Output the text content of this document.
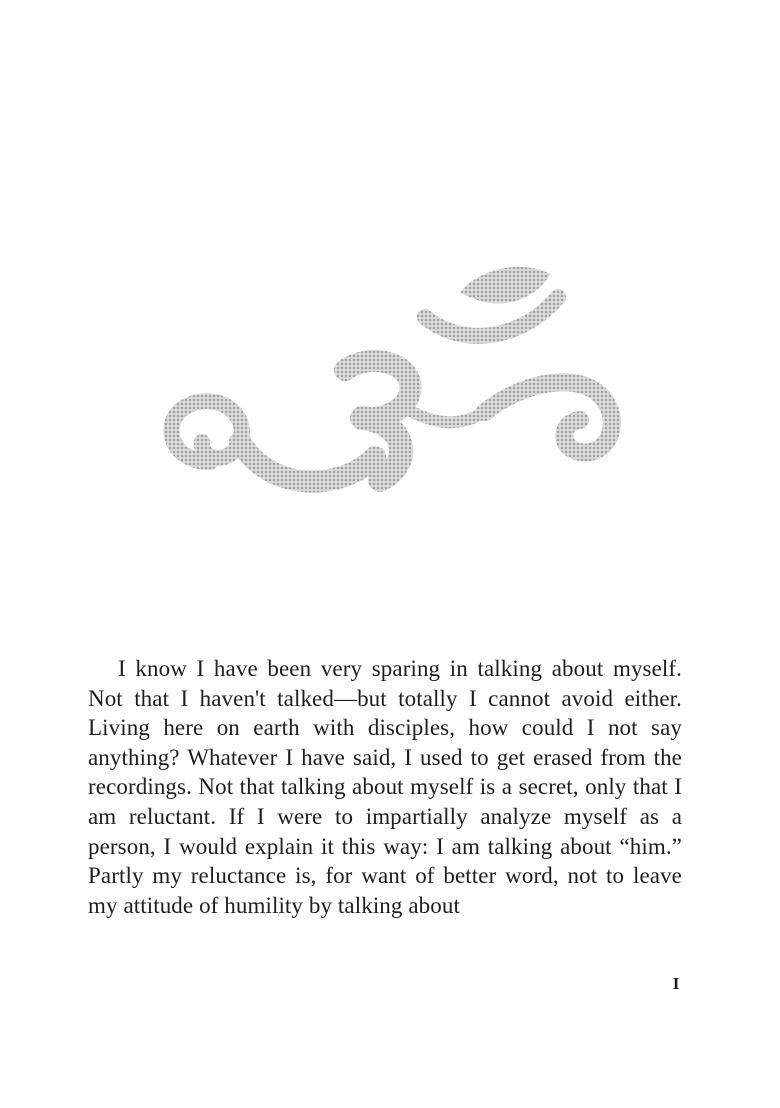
I know I have been very sparing in talking about myself. Not that I haven't talked—but totally I cannot avoid either. Living here on earth with disciples, how could I not say anything? Whatever I have said, I used to get erased from the recordings. Not that talking about myself is a secret, only that I am reluctant. If I were to impartially analyze myself as a person, I would explain it this way: I am talking about “him.” Partly my reluctance is, for want of better word, not to leave my attitude of humility by talking about

I
